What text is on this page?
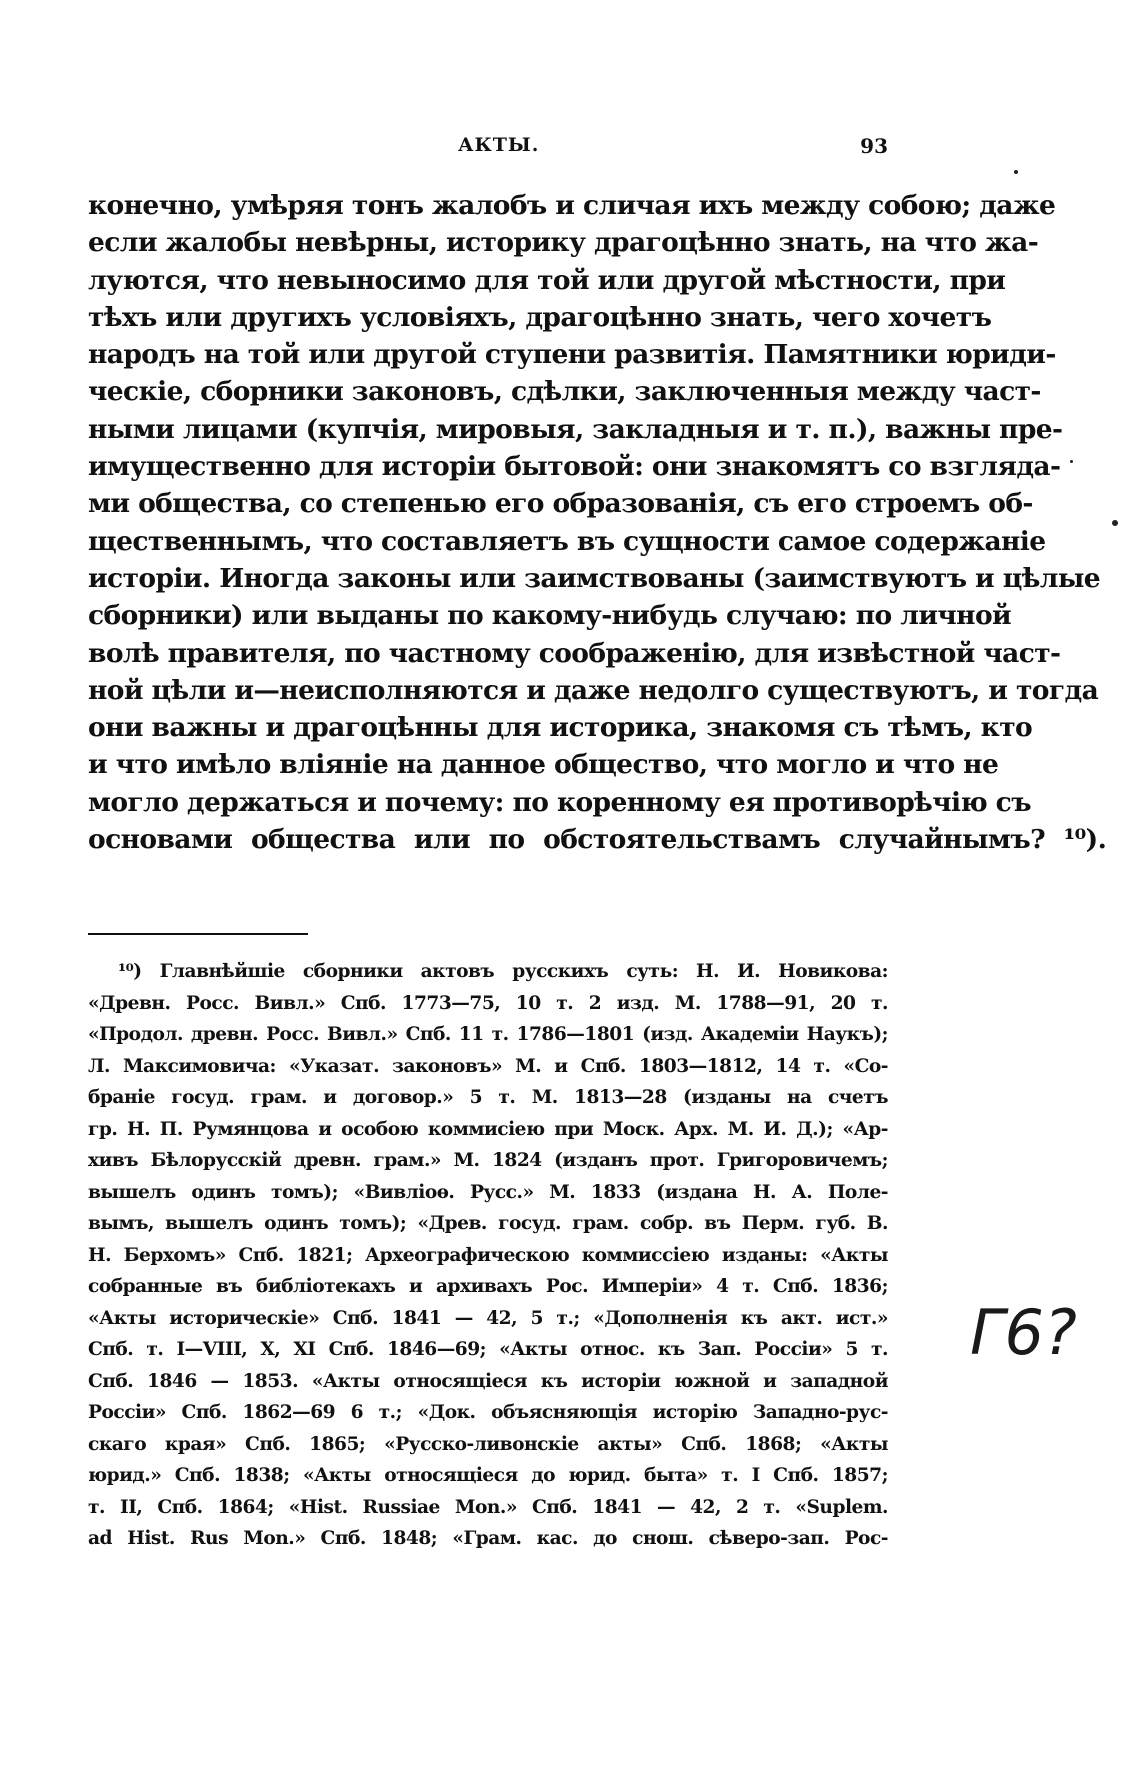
АКТЫ.	93
конечно, умѣряя тонъ жалобъ и сличая ихъ между собою; даже
если жалобы невѣрны, историку драгоцѣнно знать, на что жа-
луются, что невыносимо для той или другой мѣстности, при
тѣхъ или другихъ условіяхъ, драгоцѣнно знать, чего хочетъ
народъ на той или другой ступени развитія. Памятники юриди-
ческіе, сборники законовъ, сдѣлки, заключенныя между част-
ными лицами (купчія, мировыя, закладныя и т. п.), важны пре-
имущественно для исторіи бытовой: они знакомятъ со взгляда-
ми общества, со степенью его образованія, съ его строемъ об-
щественнымъ, что составляетъ въ сущности самое содержаніе
исторіи. Иногда законы или заимствованы (заимствуютъ и цѣлые
сборники) или выданы по какому-нибудь случаю: по личной
волѣ правителя, по частному соображенію, для извѣстной част-
ной цѣли и—неисполняются и даже недолго существуютъ, и тогда
они важны и драгоцѣнны для историка, знакомя съ тѣмъ, кто
и что имѣло вліяніе на данное общество, что могло и что не
могло держаться и почему: по коренному ея противорѣчію съ
основами общества или по обстоятельствамъ случайнымъ? ¹⁰).
¹⁰) Главнѣйшіе сборники актовъ русскихъ суть: Н. И. Новикова:
«Древн. Росс. Вивл.» Спб. 1773—75, 10 т. 2 изд. М. 1788—91, 20 т.
«Продол. древн. Росс. Вивл.» Спб. 11 т. 1786—1801 (изд. Академіи Наукъ);
Л. Максимовича: «Указат. законовъ» М. и Спб. 1803—1812, 14 т. «Со-
браніе госуд. грам. и договор.» 5 т. М. 1813—28 (изданы на счетъ
гр. Н. П. Румянцова и особою коммисіею при Моск. Арх. М. И. Д.); «Ар-
хивъ Бѣлорусскій древн. грам.» М. 1824 (изданъ прот. Григоровичемъ;
вышелъ одинъ томъ); «Вивліоѳ. Русс.» М. 1833 (издана Н. А. Поле-
вымъ, вышелъ одинъ томъ); «Древ. госуд. грам. собр. въ Перм. губ. В.
Н. Берхомъ» Спб. 1821; Археографическою коммиссіею изданы: «Акты
собранные въ библіотекахъ и архивахъ Рос. Имперіи» 4 т. Спб. 1836;
«Акты историческіе» Спб. 1841 — 42, 5 т.; «Дополненія къ акт. ист.»
Спб. т. I—VIII, X, XI Спб. 1846—69; «Акты относ. къ Зап. Россіи» 5 т.
Спб. 1846 — 1853. «Акты относящіеся къ исторіи южной и западной
Россіи» Спб. 1862—69 6 т.; «Док. объясняющія исторію Западно-рус-
скаго края» Спб. 1865; «Русско-ливонскіе акты» Спб. 1868; «Акты
юрид.» Спб. 1838; «Акты относящіеся до юрид. быта» т. I Спб. 1857;
т. II, Спб. 1864; «Hist. Russiae Mon.» Спб. 1841 — 42, 2 т. «Suplem.
ad Hist. Rus Mon.» Спб. 1848; «Грам. кас. до снош. сѣверо-зап. Рос-
Г6?
